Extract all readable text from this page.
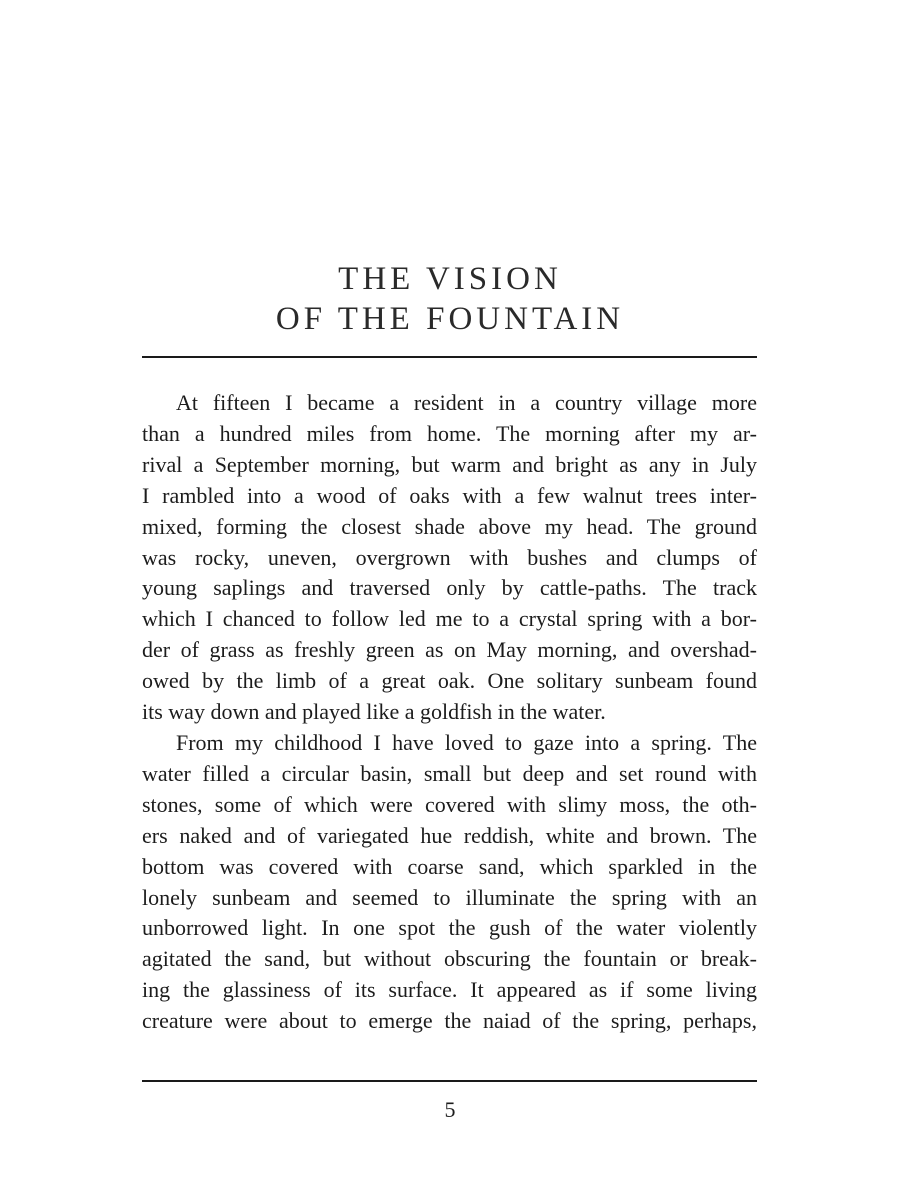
THE VISION
OF THE FOUNTAIN

At fifteen I became a resident in a country village more
than a hundred miles from home. The morning after my ar-
rival a September morning, but warm and bright as any in July
I rambled into a wood of oaks with a few walnut trees inter-
mixed, forming the closest shade above my head. The ground
was rocky, uneven, overgrown with bushes and clumps of
young saplings and traversed only by cattle-paths. The track
which I chanced to follow led me to a crystal spring with a bor-
der of grass as freshly green as on May morning, and overshad-
owed by the limb of a great oak. One solitary sunbeam found
its way down and played like a goldfish in the water.

From my childhood I have loved to gaze into a spring. The
water filled a circular basin, small but deep and set round with
stones, some of which were covered with slimy moss, the oth-
ers naked and of variegated hue reddish, white and brown. The
bottom was covered with coarse sand, which sparkled in the
lonely sunbeam and seemed to illuminate the spring with an
unborrowed light. In one spot the gush of the water violently
agitated the sand, but without obscuring the fountain or break-
ing the glassiness of its surface. It appeared as if some living
creature were about to emerge the naiad of the spring, perhaps,

5
